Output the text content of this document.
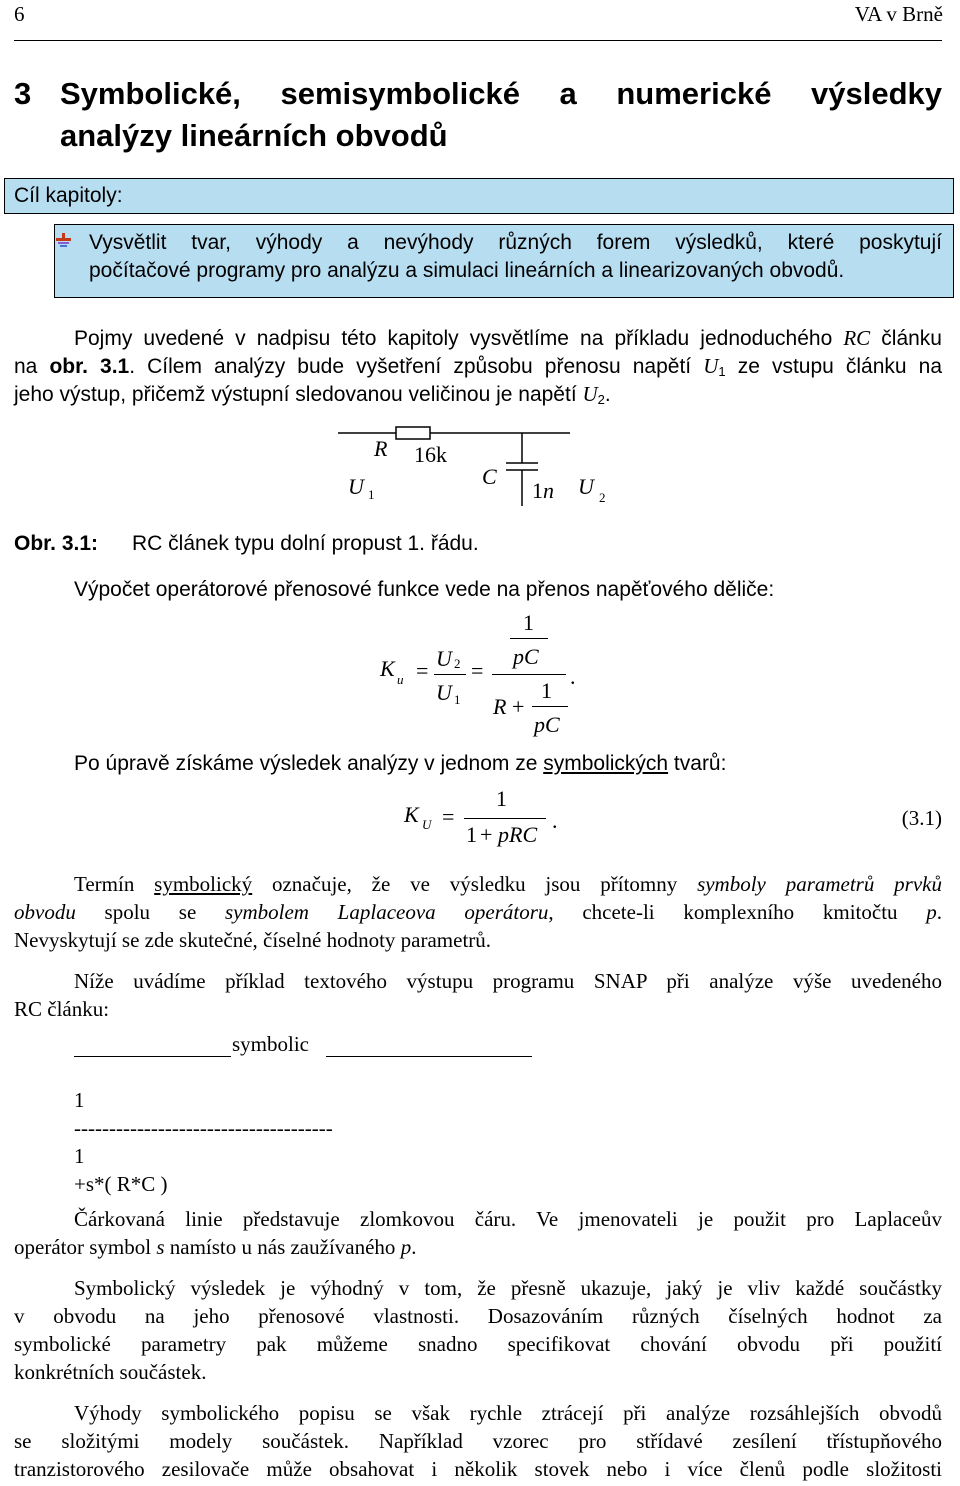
6	VA v Brně
3 Symbolické, semisymbolické a numerické výsledky
analýzy lineárních obvodů
Cíl kapitoly:
Vysvětlit tvar, výhody a nevýhody různých forem výsledků, které poskytují
počítačové programy pro analýzu a simulaci lineárních a linearizovaných obvodů.
Pojmy uvedené v nadpisu této kapitoly vysvětlíme na příkladu jednoduchého RC článku
na obr. 3.1. Cílem analýzy bude vyšetření způsobu přenosu napětí $U_1$ ze vstupu článku na
jeho výstup, přičemž výstupní sledovanou veličinou je napětí $U_2$.
R 16k
U 1
C
1 n U 2
Obr. 3.1: RC článek typu dolní propust 1. řádu.
Výpočet operátorové přenosové funkce vede na přenos napěťového děliče:
K u = U 2
U 1
=
1
pC
.
R +
1
pC
Po úpravě získáme výsledek analýzy v jednom ze symbolických tvarů:
K U =
1
1 + pRC
.	(3.1)
Termín symbolický označuje, že ve výsledku jsou přítomny symboly parametrů prvků
obvodu spolu se symbolem Laplaceova operátoru, chcete-li komplexního kmitočtu p.
Nevyskytují se zde skutečné, číselné hodnoty parametrů.
Níže uvádíme příklad textového výstupu programu SNAP při analýze výše uvedeného
RC článku:
symbolic
1
-------------------------------------
1
+s*( R*C )
Čárkovaná linie představuje zlomkovou čáru. Ve jmenovateli je použit pro Laplaceův
operátor symbol s namísto u nás zaužívaného p.
Symbolický výsledek je výhodný v tom, že přesně ukazuje, jaký je vliv každé součástky
v obvodu na jeho přenosové vlastnosti. Dosazováním různých číselných hodnot za
symbolické parametry pak můžeme snadno specifikovat chování obvodu při použití
konkrétních součástek.
Výhody symbolického popisu se však rychle ztrácejí při analýze rozsáhlejších obvodů
se složitými modely součástek. Například vzorec pro střídavé zesílení třístupňového
tranzistorového zesilovače může obsahovat i několik stovek nebo i více členů podle složitosti
